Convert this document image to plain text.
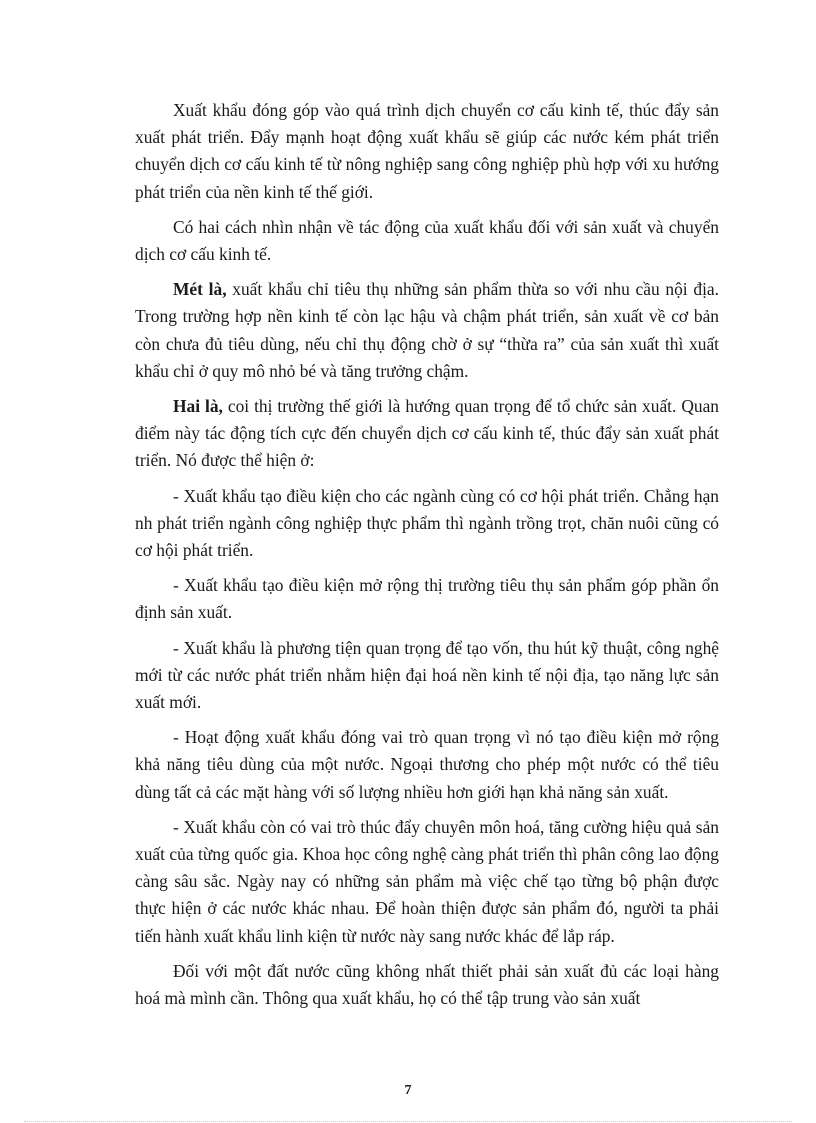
Xuất khẩu đóng góp vào quá trình dịch chuyển cơ cấu kinh tế, thúc đẩy sản xuất phát triển. Đẩy mạnh hoạt động xuất khẩu sẽ giúp các nước kém phát triển chuyển dịch cơ cấu kinh tế từ nông nghiệp sang công nghiệp phù hợp với xu hướng phát triển của nền kinh tế thế giới.

Có hai cách nhìn nhận về tác động của xuất khẩu đối với sản xuất và chuyển dịch cơ cấu kinh tế.

Mét là, xuất khẩu chỉ tiêu thụ những sản phẩm thừa so với nhu cầu nội địa. Trong trường hợp nền kinh tế còn lạc hậu và chậm phát triển, sản xuất về cơ bản còn chưa đủ tiêu dùng, nếu chỉ thụ động chờ ở sự “thừa ra” của sản xuất thì xuất khẩu chỉ ở quy mô nhỏ bé và tăng trưởng chậm.

Hai là, coi thị trường thế giới là hướng quan trọng để tổ chức sản xuất. Quan điểm này tác động tích cực đến chuyển dịch cơ cấu kinh tế, thúc đẩy sản xuất phát triển. Nó được thể hiện ở:

- Xuất khẩu tạo điều kiện cho các ngành cùng có cơ hội phát triển. Chẳng hạn nh phát triển ngành công nghiệp thực phẩm thì ngành trồng trọt, chăn nuôi cũng có cơ hội phát triển.

- Xuất khẩu tạo điều kiện mở rộng thị trường tiêu thụ sản phẩm góp phần ổn định sản xuất.

- Xuất khẩu là phương tiện quan trọng để tạo vốn, thu hút kỹ thuật, công nghệ mới từ các nước phát triển nhằm hiện đại hoá nền kinh tế nội địa, tạo năng lực sản xuất mới.

- Hoạt động xuất khẩu đóng vai trò quan trọng vì nó tạo điều kiện mở rộng khả năng tiêu dùng của một nước. Ngoại thương cho phép một nước có thể tiêu dùng tất cả các mặt hàng với số lượng nhiều hơn giới hạn khả năng sản xuất.

- Xuất khẩu còn có vai trò thúc đẩy chuyên môn hoá, tăng cường hiệu quả sản xuất của từng quốc gia. Khoa học công nghệ càng phát triển thì phân công lao động càng sâu sắc. Ngày nay có những sản phẩm mà việc chế tạo từng bộ phận được thực hiện ở các nước khác nhau. Để hoàn thiện được sản phẩm đó, người ta phải tiến hành xuất khẩu linh kiện từ nước này sang nước khác để lắp ráp.

Đối với một đất nước cũng không nhất thiết phải sản xuất đủ các loại hàng hoá mà mình cần. Thông qua xuất khẩu, họ có thể tập trung vào sản xuất

7
